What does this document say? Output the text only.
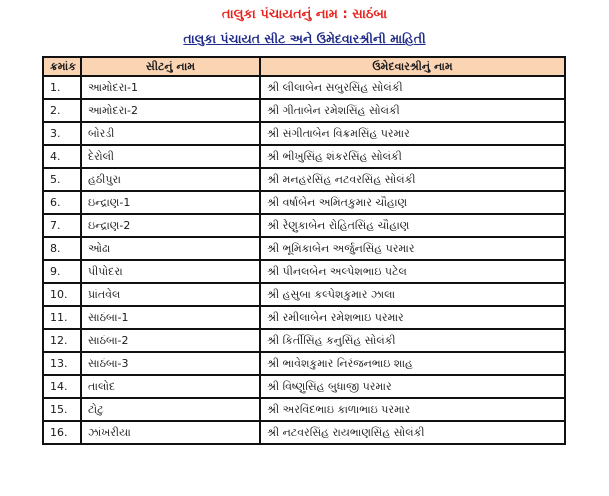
તાલુકા પંચાયતનું નામ : સાઠંબા
તાલુકા પંચાયત સીટ અને ઉમેદવારશ્રીની માહિતી
ક્રમાંક	સીટનું નામ	ઉમેદવારશ્રીનું નામ
1.	આમોદરા-1	શ્રી લીલાબેન સબુરસિંહ સોલંકી
2.	આમોદરા-2	શ્રી ગીતાબેન રમેશસિંહ સોલંકી
3.	બોરડી	શ્રી સંગીતાબેન વિક્રમસિંહ પરમાર
4.	દેરોલી	શ્રી ભીખુસિંહ શંકરસિંહ સોલંકી
5.	હઠીપુરા	શ્રી મનહરસિંહ નટવરસિંહ સોલંકી
6.	ઇન્દ્રાણ-1	શ્રી વર્ષાબેન અમિતકુમાર ચૌહાણ
7.	ઇન્દ્રાણ-2	શ્રી રેણુકાબેન રોહિતસિંહ ચૌહાણ
8.	ઓઢા	શ્રી ભૂમિકાબેન અર્જુનસિંહ પરમાર
9.	પીપોદરા	શ્રી પીનલબેન અલ્પેશભાઇ પટેલ
10.	પ્રાંતવેલ	શ્રી હસુબા કલ્પેશકુમાર ઝાલા
11.	સાઠંબા-1	શ્રી રમીલાબેન રમેશભાઇ પરમાર
12.	સાઠંબા-2	શ્રી કિર્તીસિંહ કનુસિંહ સોલંકી
13.	સાઠંબા-3	શ્રી ભાવેશકુમાર નિરંજનભાઇ શાહ
14.	તાલોદ	શ્રી વિષ્ણુસિંહ બુધાજી પરમાર
15.	ટોટુ	શ્રી અરવિંદભાઇ કાળાભાઇ પરમાર
16.	ઝાંખરીયા	શ્રી નટવરસિંહ રાયભાણસિંહ સોલંકી
